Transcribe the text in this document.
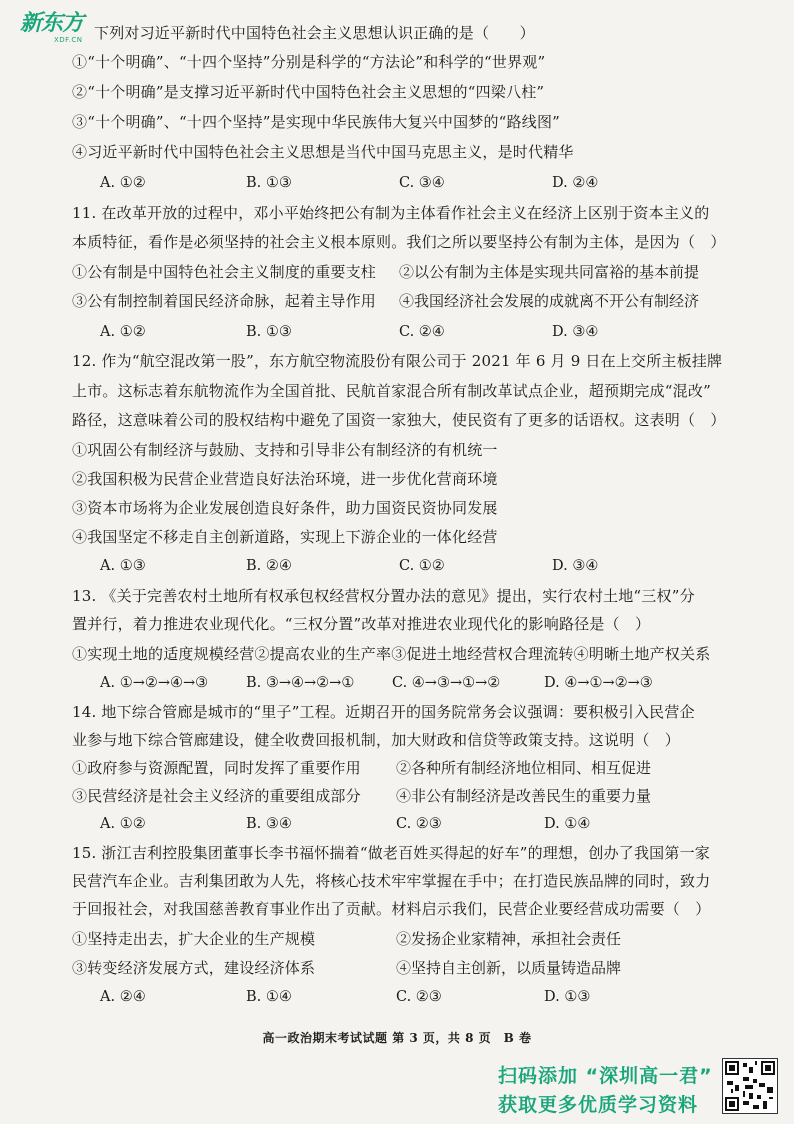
新东方
XDF.CN 下列对习近平新时代中国特色社会主义思想认识正确的是（　　）
①“十个明确”、“十四个坚持”分别是科学的“方法论”和科学的“世界观”
②“十个明确”是支撑习近平新时代中国特色社会主义思想的“四梁八柱”
③“十个明确”、“十四个坚持”是实现中华民族伟大复兴中国梦的“路线图”
④习近平新时代中国特色社会主义思想是当代中国马克思主义，是时代精华
A. ①②	B. ①③	C. ③④	D. ②④
11. 在改革开放的过程中，邓小平始终把公有制为主体看作社会主义在经济上区别于资本主义的
本质特征，看作是必须坚持的社会主义根本原则。我们之所以要坚持公有制为主体，是因为（　）
①公有制是中国特色社会主义制度的重要支柱 ②以公有制为主体是实现共同富裕的基本前提
③公有制控制着国民经济命脉，起着主导作用 ④我国经济社会发展的成就离不开公有制经济
A. ①②	B. ①③	C. ②④	D. ③④
12. 作为“航空混改第一股”，东方航空物流股份有限公司于 2021 年 6 月 9 日在上交所主板挂牌
上市。这标志着东航物流作为全国首批、民航首家混合所有制改革试点企业，超预期完成“混改”
路径，这意味着公司的股权结构中避免了国资一家独大，使民资有了更多的话语权。这表明（　）
①巩固公有制经济与鼓励、支持和引导非公有制经济的有机统一
②我国积极为民营企业营造良好法治环境，进一步优化营商环境
③资本市场将为企业发展创造良好条件，助力国资民资协同发展
④我国坚定不移走自主创新道路，实现上下游企业的一体化经营
A. ①③	B. ②④	C. ①②	D. ③④
13. 《关于完善农村土地所有权承包权经营权分置办法的意见》提出，实行农村土地“三权”分
置并行，着力推进农业现代化。“三权分置”改革对推进农业现代化的影响路径是（　）
①实现土地的适度规模经营②提高农业的生产率③促进土地经营权合理流转④明晰土地产权关系
A. ①→②→④→③	B. ③→④→②→①	C. ④→③→①→②	D. ④→①→②→③
14. 地下综合管廊是城市的“里子”工程。近期召开的国务院常务会议强调：要积极引入民营企
业参与地下综合管廊建设，健全收费回报机制，加大财政和信贷等政策支持。这说明（　）
①政府参与资源配置，同时发挥了重要作用 ②各种所有制经济地位相同、相互促进
③民营经济是社会主义经济的重要组成部分 ④非公有制经济是改善民生的重要力量
A. ①②	B. ③④	C. ②③	D. ①④
15. 浙江吉利控股集团董事长李书福怀揣着“做老百姓买得起的好车”的理想，创办了我国第一家
民营汽车企业。吉利集团敢为人先，将核心技术牢牢掌握在手中；在打造民族品牌的同时，致力
于回报社会，对我国慈善教育事业作出了贡献。材料启示我们，民营企业要经营成功需要（　）
①坚持走出去，扩大企业的生产规模	②发扬企业家精神，承担社会责任
③转变经济发展方式，建设经济体系	④坚持自主创新，以质量铸造品牌
A. ②④	B. ①④	C. ②③	D. ①③
高一政治期末考试试题 第 3 页，共 8 页　B 卷
扫码添加 “深圳高一君”
获取更多优质学习资料
